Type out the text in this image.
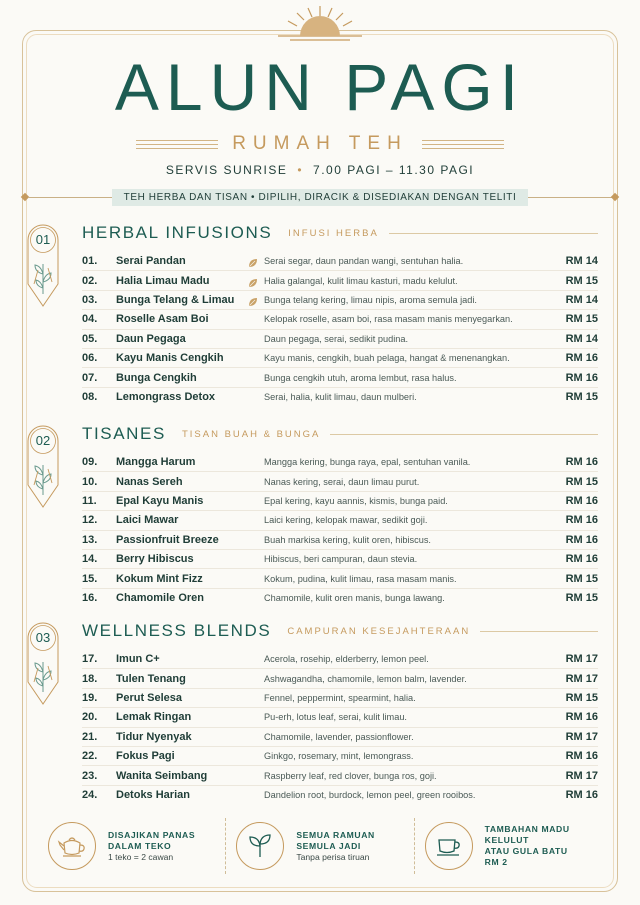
ALUN PAGI
RUMAH TEH
SERVIS SUNRISE • 7.00 PAGI – 11.30 PAGI
TEH HERBA DAN TISAN • DIPILIH, DIRACIK & DISEDIAKAN DENGAN TELITI
01	HERBAL INFUSIONS INFUSI HERBA
01.	Serai Pandan	Serai segar, daun pandan wangi, sentuhan halia.	RM 14
02.	Halia Limau Madu	Halia galangal, kulit limau kasturi, madu kelulut.	RM 15
03.	Bunga Telang & Limau	Bunga telang kering, limau nipis, aroma semula jadi.	RM 14
04.	Roselle Asam Boi	Kelopak roselle, asam boi, rasa masam manis menyegarkan.	RM 15
05.	Daun Pegaga	Daun pegaga, serai, sedikit pudina.	RM 14
06.	Kayu Manis Cengkih	Kayu manis, cengkih, buah pelaga, hangat & menenangkan.	RM 16
07.	Bunga Cengkih	Bunga cengkih utuh, aroma lembut, rasa halus.	RM 16
08.	Lemongrass Detox	Serai, halia, kulit limau, daun mulberi.	RM 15
02	TISANES TISAN BUAH & BUNGA
09.	Mangga Harum	Mangga kering, bunga raya, epal, sentuhan vanila.	RM 16
10.	Nanas Sereh	Nanas kering, serai, daun limau purut.	RM 15
11.	Epal Kayu Manis	Epal kering, kayu aannis, kismis, bunga paid.	RM 16
12.	Laici Mawar	Laici kering, kelopak mawar, sedikit goji.	RM 16
13.	Passionfruit Breeze	Buah markisa kering, kulit oren, hibiscus.	RM 16
14.	Berry Hibiscus	Hibiscus, beri campuran, daun stevia.	RM 16
15.	Kokum Mint Fizz	Kokum, pudina, kulit limau, rasa masam manis.	RM 15
16.	Chamomile Oren	Chamomile, kulit oren manis, bunga lawang.	RM 15
03	WELLNESS BLENDS CAMPURAN KESEJAHTERAAN
17.	Imun C+	Acerola, rosehip, elderberry, lemon peel.	RM 17
18.	Tulen Tenang	Ashwagandha, chamomile, lemon balm, lavender.	RM 17
19.	Perut Selesa	Fennel, peppermint, spearmint, halia.	RM 15
20.	Lemak Ringan	Pu-erh, lotus leaf, serai, kulit limau.	RM 16
21.	Tidur Nyenyak	Chamomile, lavender, passionflower.	RM 17
22.	Fokus Pagi	Ginkgo, rosemary, mint, lemongrass.	RM 16
23.	Wanita Seimbang	Raspberry leaf, red clover, bunga ros, goji.	RM 17
24.	Detoks Harian	Dandelion root, burdock, lemon peel, green rooibos.	RM 16
DISAJIKAN PANAS
DALAM TEKO
1 teko = 2 cawan
SEMUA RAMUAN
SEMULA JADI
Tanpa perisa tiruan
TAMBAHAN MADU KELULUT
ATAU GULA BATU
RM 2
